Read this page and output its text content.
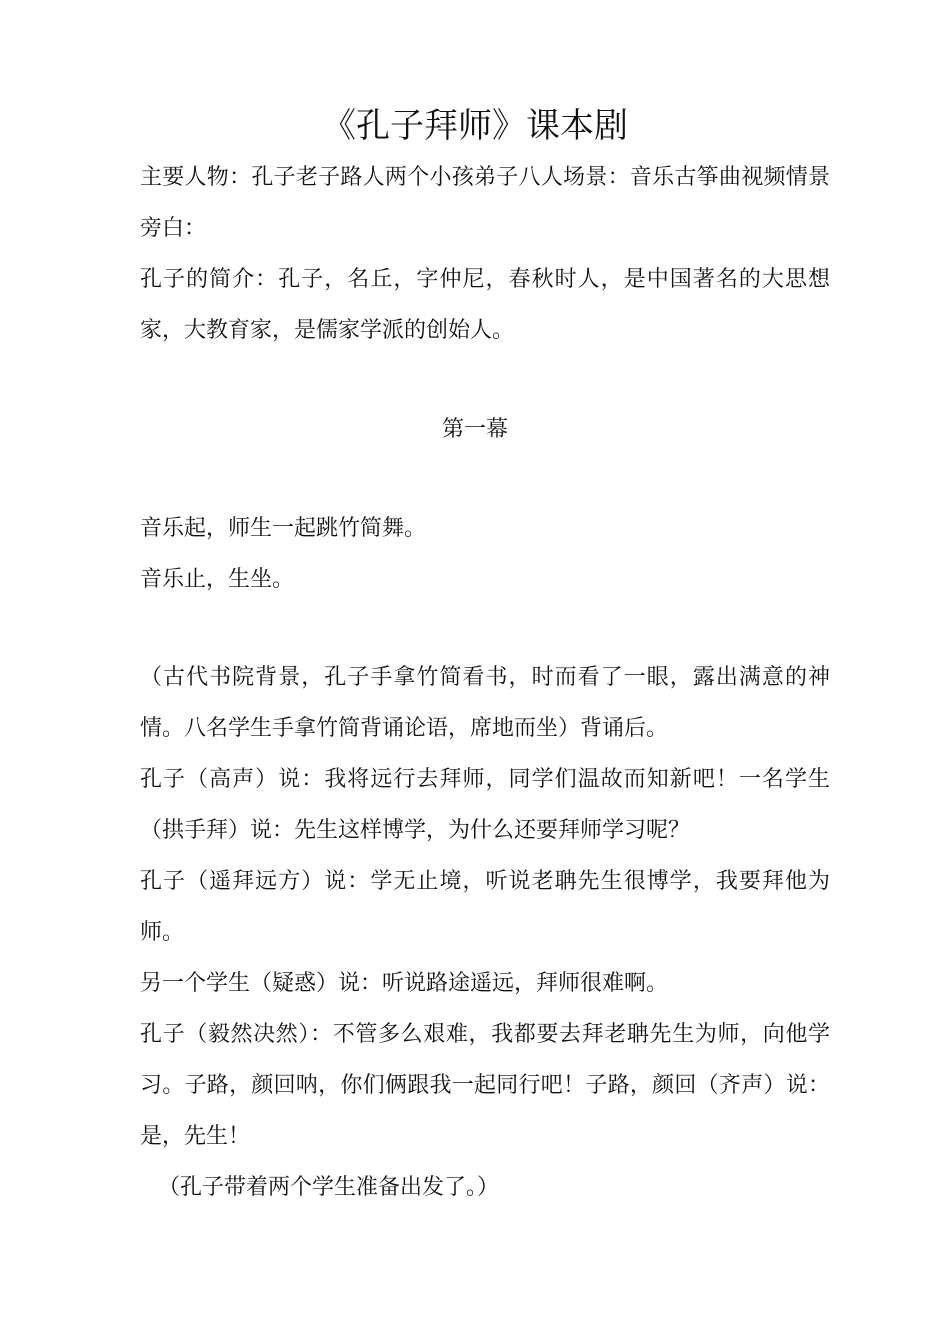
《孔子拜师》课本剧

主要人物：孔子老子路人两个小孩弟子八人场景：音乐古筝曲视频情景旁白：

孔子的简介：孔子，名丘，字仲尼，春秋时人，是中国著名的大思想家，大教育家，是儒家学派的创始人。

第一幕

音乐起，师生一起跳竹简舞。

音乐止，生坐。

（古代书院背景，孔子手拿竹简看书，时而看了一眼，露出满意的神情。八名学生手拿竹简背诵论语，席地而坐）背诵后。

孔子（高声）说：我将远行去拜师，同学们温故而知新吧！一名学生（拱手拜）说：先生这样博学，为什么还要拜师学习呢？

孔子（遥拜远方）说：学无止境，听说老聃先生很博学，我要拜他为师。

另一个学生（疑惑）说：听说路途遥远，拜师很难啊。

孔子（毅然决然）：不管多么艰难，我都要去拜老聃先生为师，向他学习。子路，颜回呐，你们俩跟我一起同行吧！子路，颜回（齐声）说：是，先生！

（孔子带着两个学生准备出发了。）
